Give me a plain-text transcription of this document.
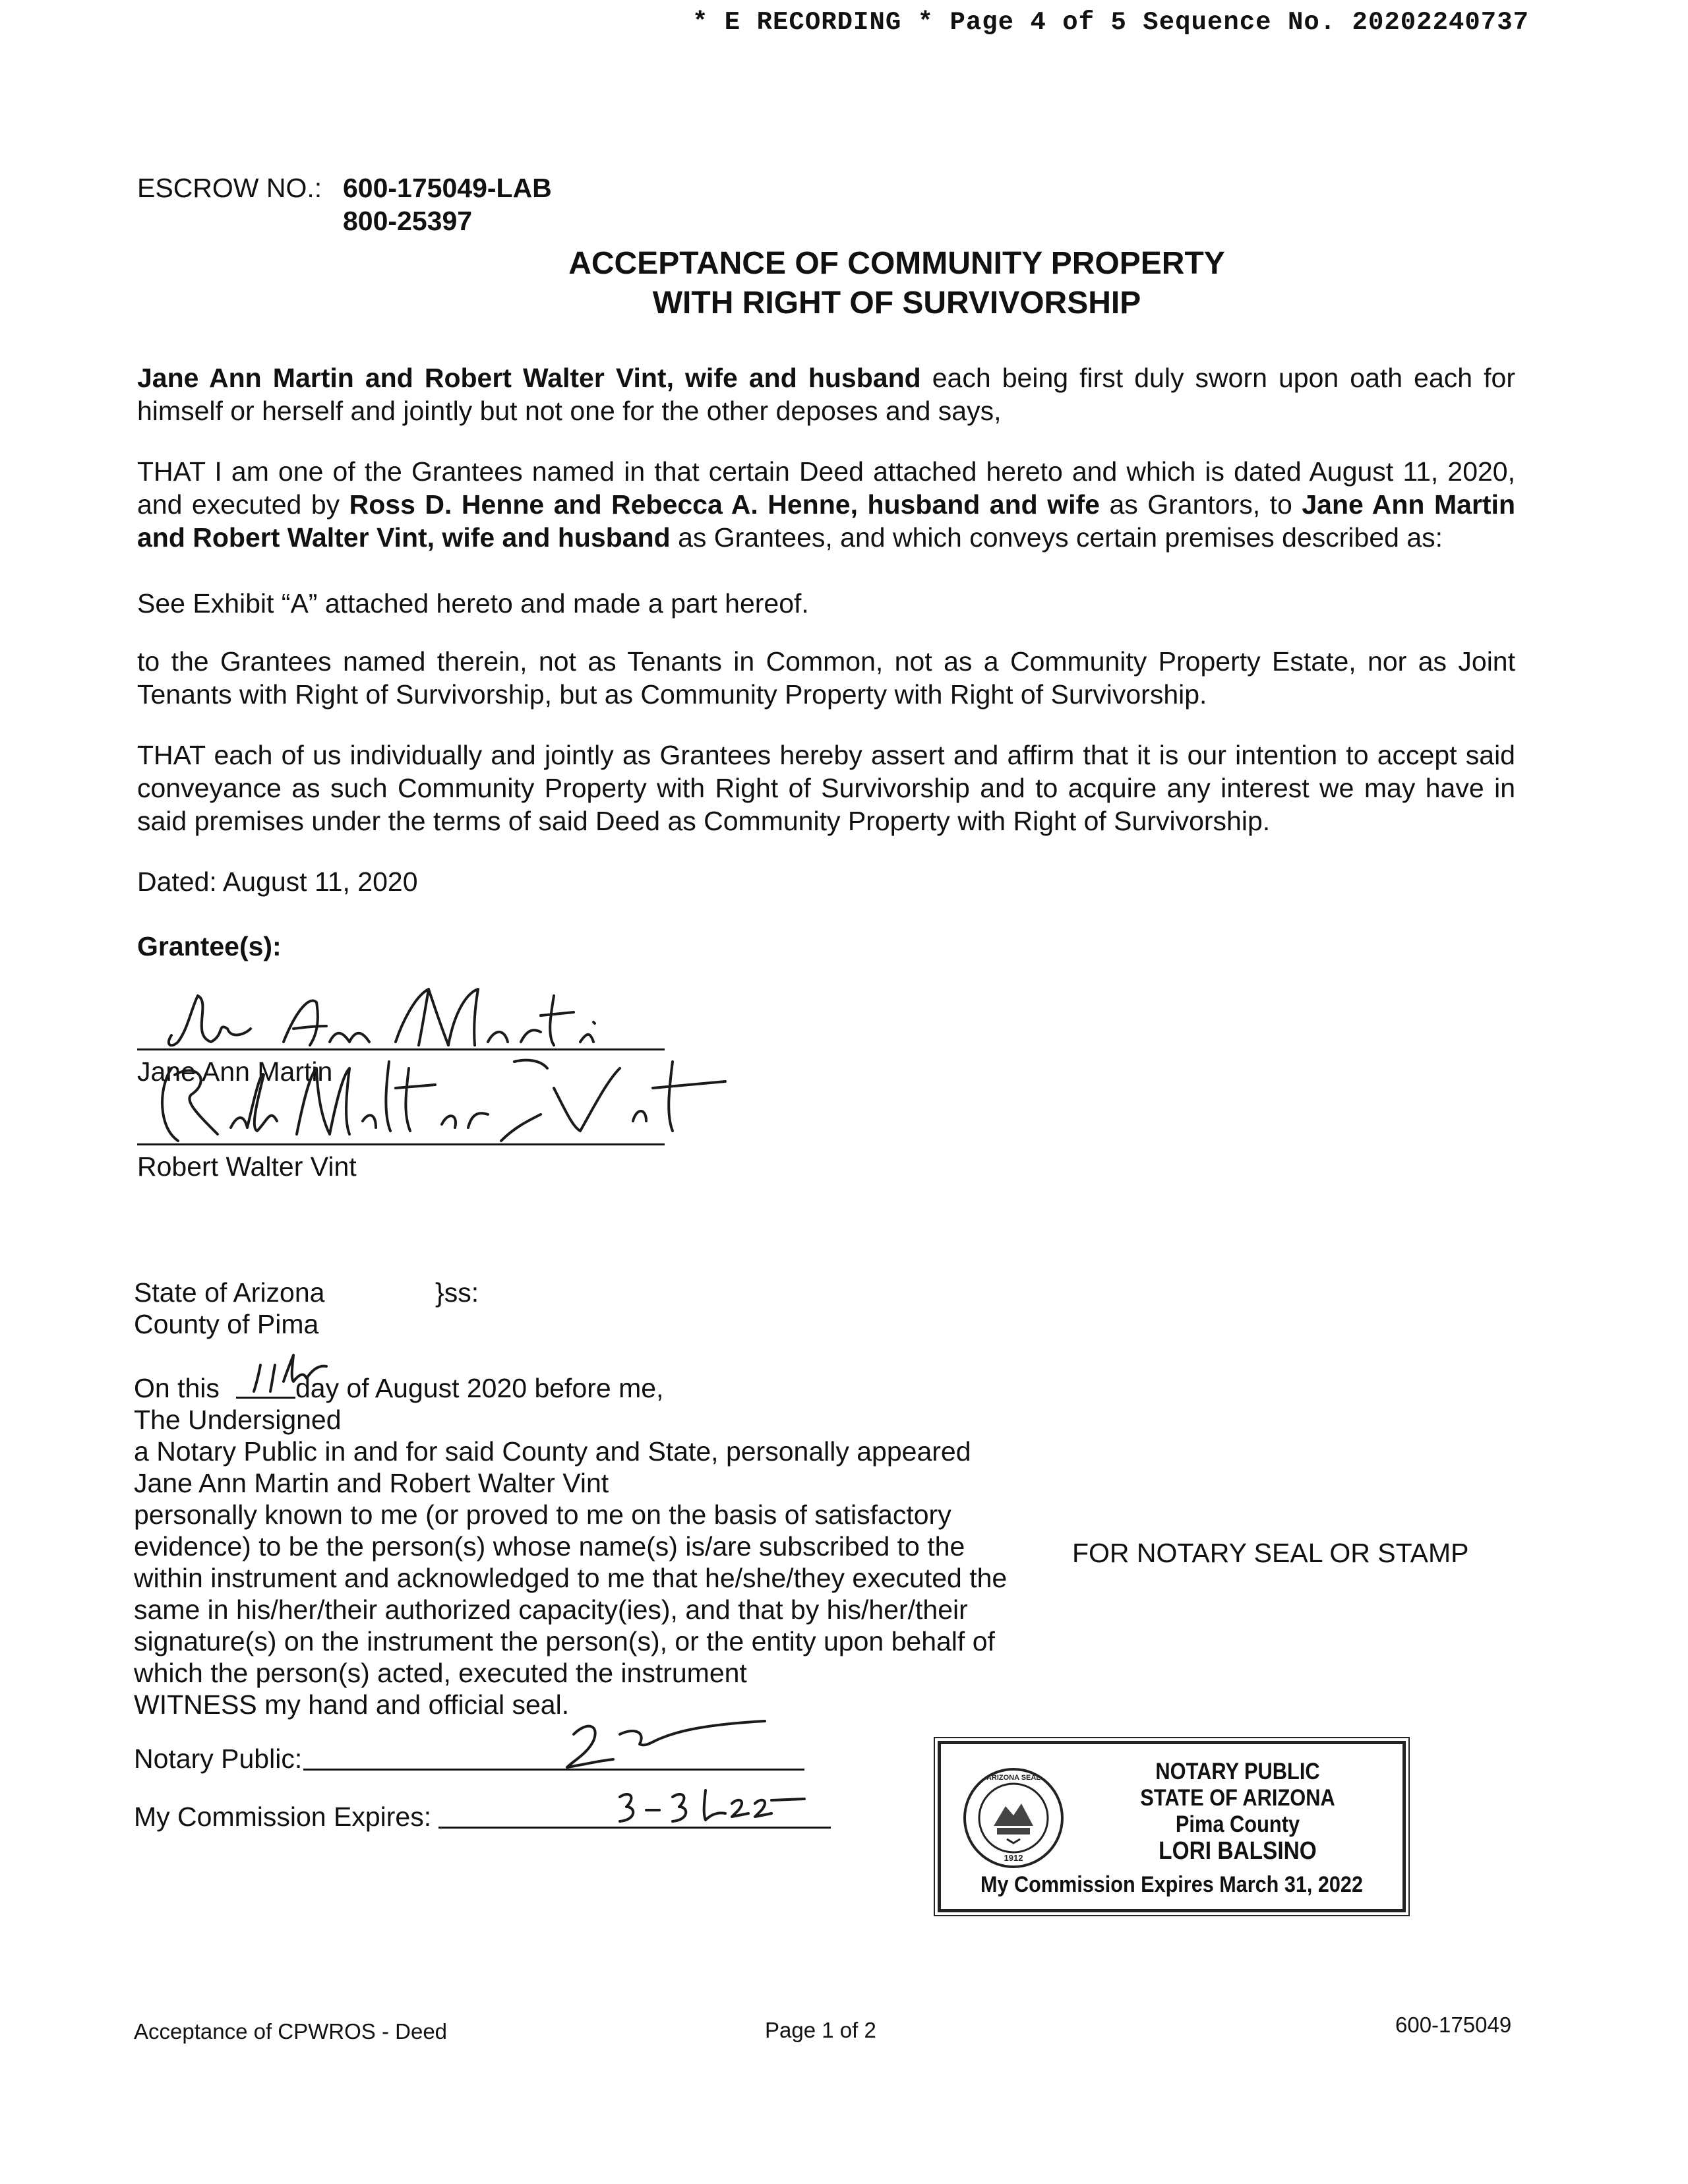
* E RECORDING * Page 4 of 5 Sequence No. 20202240737
ESCROW NO.: 600-175049-LAB
800-25397
ACCEPTANCE OF COMMUNITY PROPERTY
WITH RIGHT OF SURVIVORSHIP
Jane Ann Martin and Robert Walter Vint, wife and husband each being first duly sworn upon oath each for himself or herself and jointly but not one for the other deposes and says,
THAT I am one of the Grantees named in that certain Deed attached hereto and which is dated August 11, 2020, and executed by Ross D. Henne and Rebecca A. Henne, husband and wife as Grantors, to Jane Ann Martin and Robert Walter Vint, wife and husband as Grantees, and which conveys certain premises described as:
See Exhibit “A” attached hereto and made a part hereof.
to the Grantees named therein, not as Tenants in Common, not as a Community Property Estate, nor as Joint Tenants with Right of Survivorship, but as Community Property with Right of Survivorship.
THAT each of us individually and jointly as Grantees hereby assert and affirm that it is our intention to accept said conveyance as such Community Property with Right of Survivorship and to acquire any interest we may have in said premises under the terms of said Deed as Community Property with Right of Survivorship.
Dated: August 11, 2020
Grantee(s):
Jane Ann Martin
Robert Walter Vint
State of Arizona	}ss:
County of Pima
On this	day of August 2020 before me,
The Undersigned
a Notary Public in and for said County and State, personally appeared
Jane Ann Martin and Robert Walter Vint
personally known to me (or proved to me on the basis of satisfactory
evidence) to be the person(s) whose name(s) is/are subscribed to the
within instrument and acknowledged to me that he/she/they executed the
same in his/her/their authorized capacity(ies), and that by his/her/their
signature(s) on the instrument the person(s), or the entity upon behalf of
which the person(s) acted, executed the instrument
WITNESS my hand and official seal.
FOR NOTARY SEAL OR STAMP
Notary Public:
My Commission Expires:
ARIZONA SEAL
1912
NOTARY PUBLIC
STATE OF ARIZONA
Pima County
LORI BALSINO
My Commission Expires March 31, 2022
Acceptance of CPWROS - Deed	Page 1 of 2	600-175049
